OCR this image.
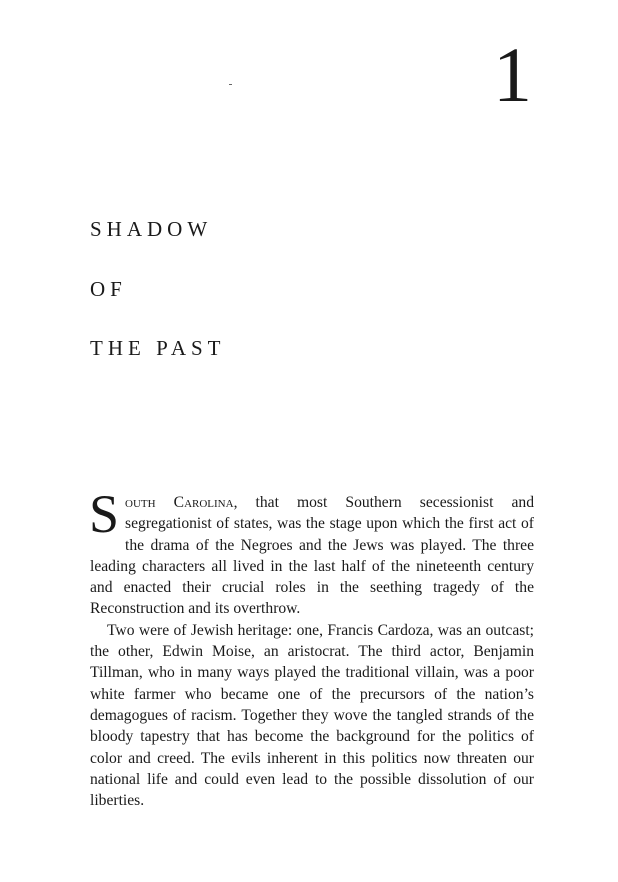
1
SHADOW
OF
THE PAST

South Carolina, that most Southern secessionist and segregationist of states, was the stage upon which the first act of the drama of the Negroes and the Jews was played. The three leading characters all lived in the last half of the nineteenth century and enacted their crucial roles in the seething tragedy of the Reconstruction and its overthrow.

Two were of Jewish heritage: one, Francis Cardoza, was an outcast; the other, Edwin Moise, an aristocrat. The third actor, Benjamin Tillman, who in many ways played the traditional villain, was a poor white farmer who became one of the precursors of the nation’s demagogues of racism. Together they wove the tangled strands of the bloody tapestry that has become the background for the politics of color and creed. The evils inherent in this politics now threaten our national life and could even lead to the possible dissolution of our liberties.
